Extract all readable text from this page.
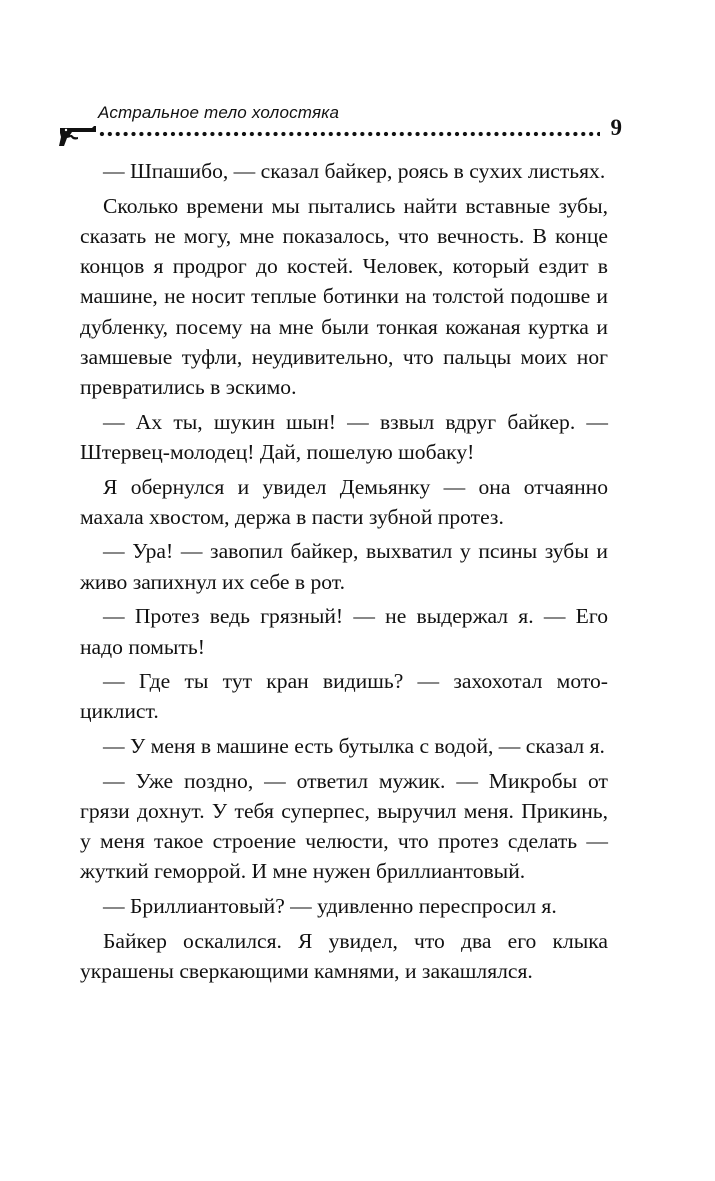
Астральное тело холостяка
9

— Шпашибо, — сказал байкер, роясь в сухих листьях.

Сколько времени мы пытались найти вставные зубы, сказать не могу, мне показалось, что вечность. В конце концов я продрог до костей. Человек, который ездит в машине, не носит теплые ботинки на толстой подошве и дубленку, посему на мне были тонкая кожаная куртка и замшевые туфли, неудивительно, что пальцы моих ног превратились в эскимо.

— Ах ты, шукин шын! — взвыл вдруг байкер. — Штервец-молодец! Дай, пошелую шобаку!

Я обернулся и увидел Демьянку — она отчаянно махала хвостом, держа в пасти зубной протез.

— Ура! — завопил байкер, выхватил у псины зубы и живо запихнул их себе в рот.

— Протез ведь грязный! — не выдержал я. — Его надо помыть!

— Где ты тут кран видишь? — захохотал мотоциклист.

— У меня в машине есть бутылка с водой, — сказал я.

— Уже поздно, — ответил мужик. — Микробы от грязи дохнут. У тебя суперпес, выручил меня. Прикинь, у меня такое строение челюсти, что протез сделать — жуткий геморрой. И мне нужен бриллиантовый.

— Бриллиантовый? — удивленно переспросил я.

Байкер оскалился. Я увидел, что два его клыка украшены сверкающими камнями, и закашлялся.
